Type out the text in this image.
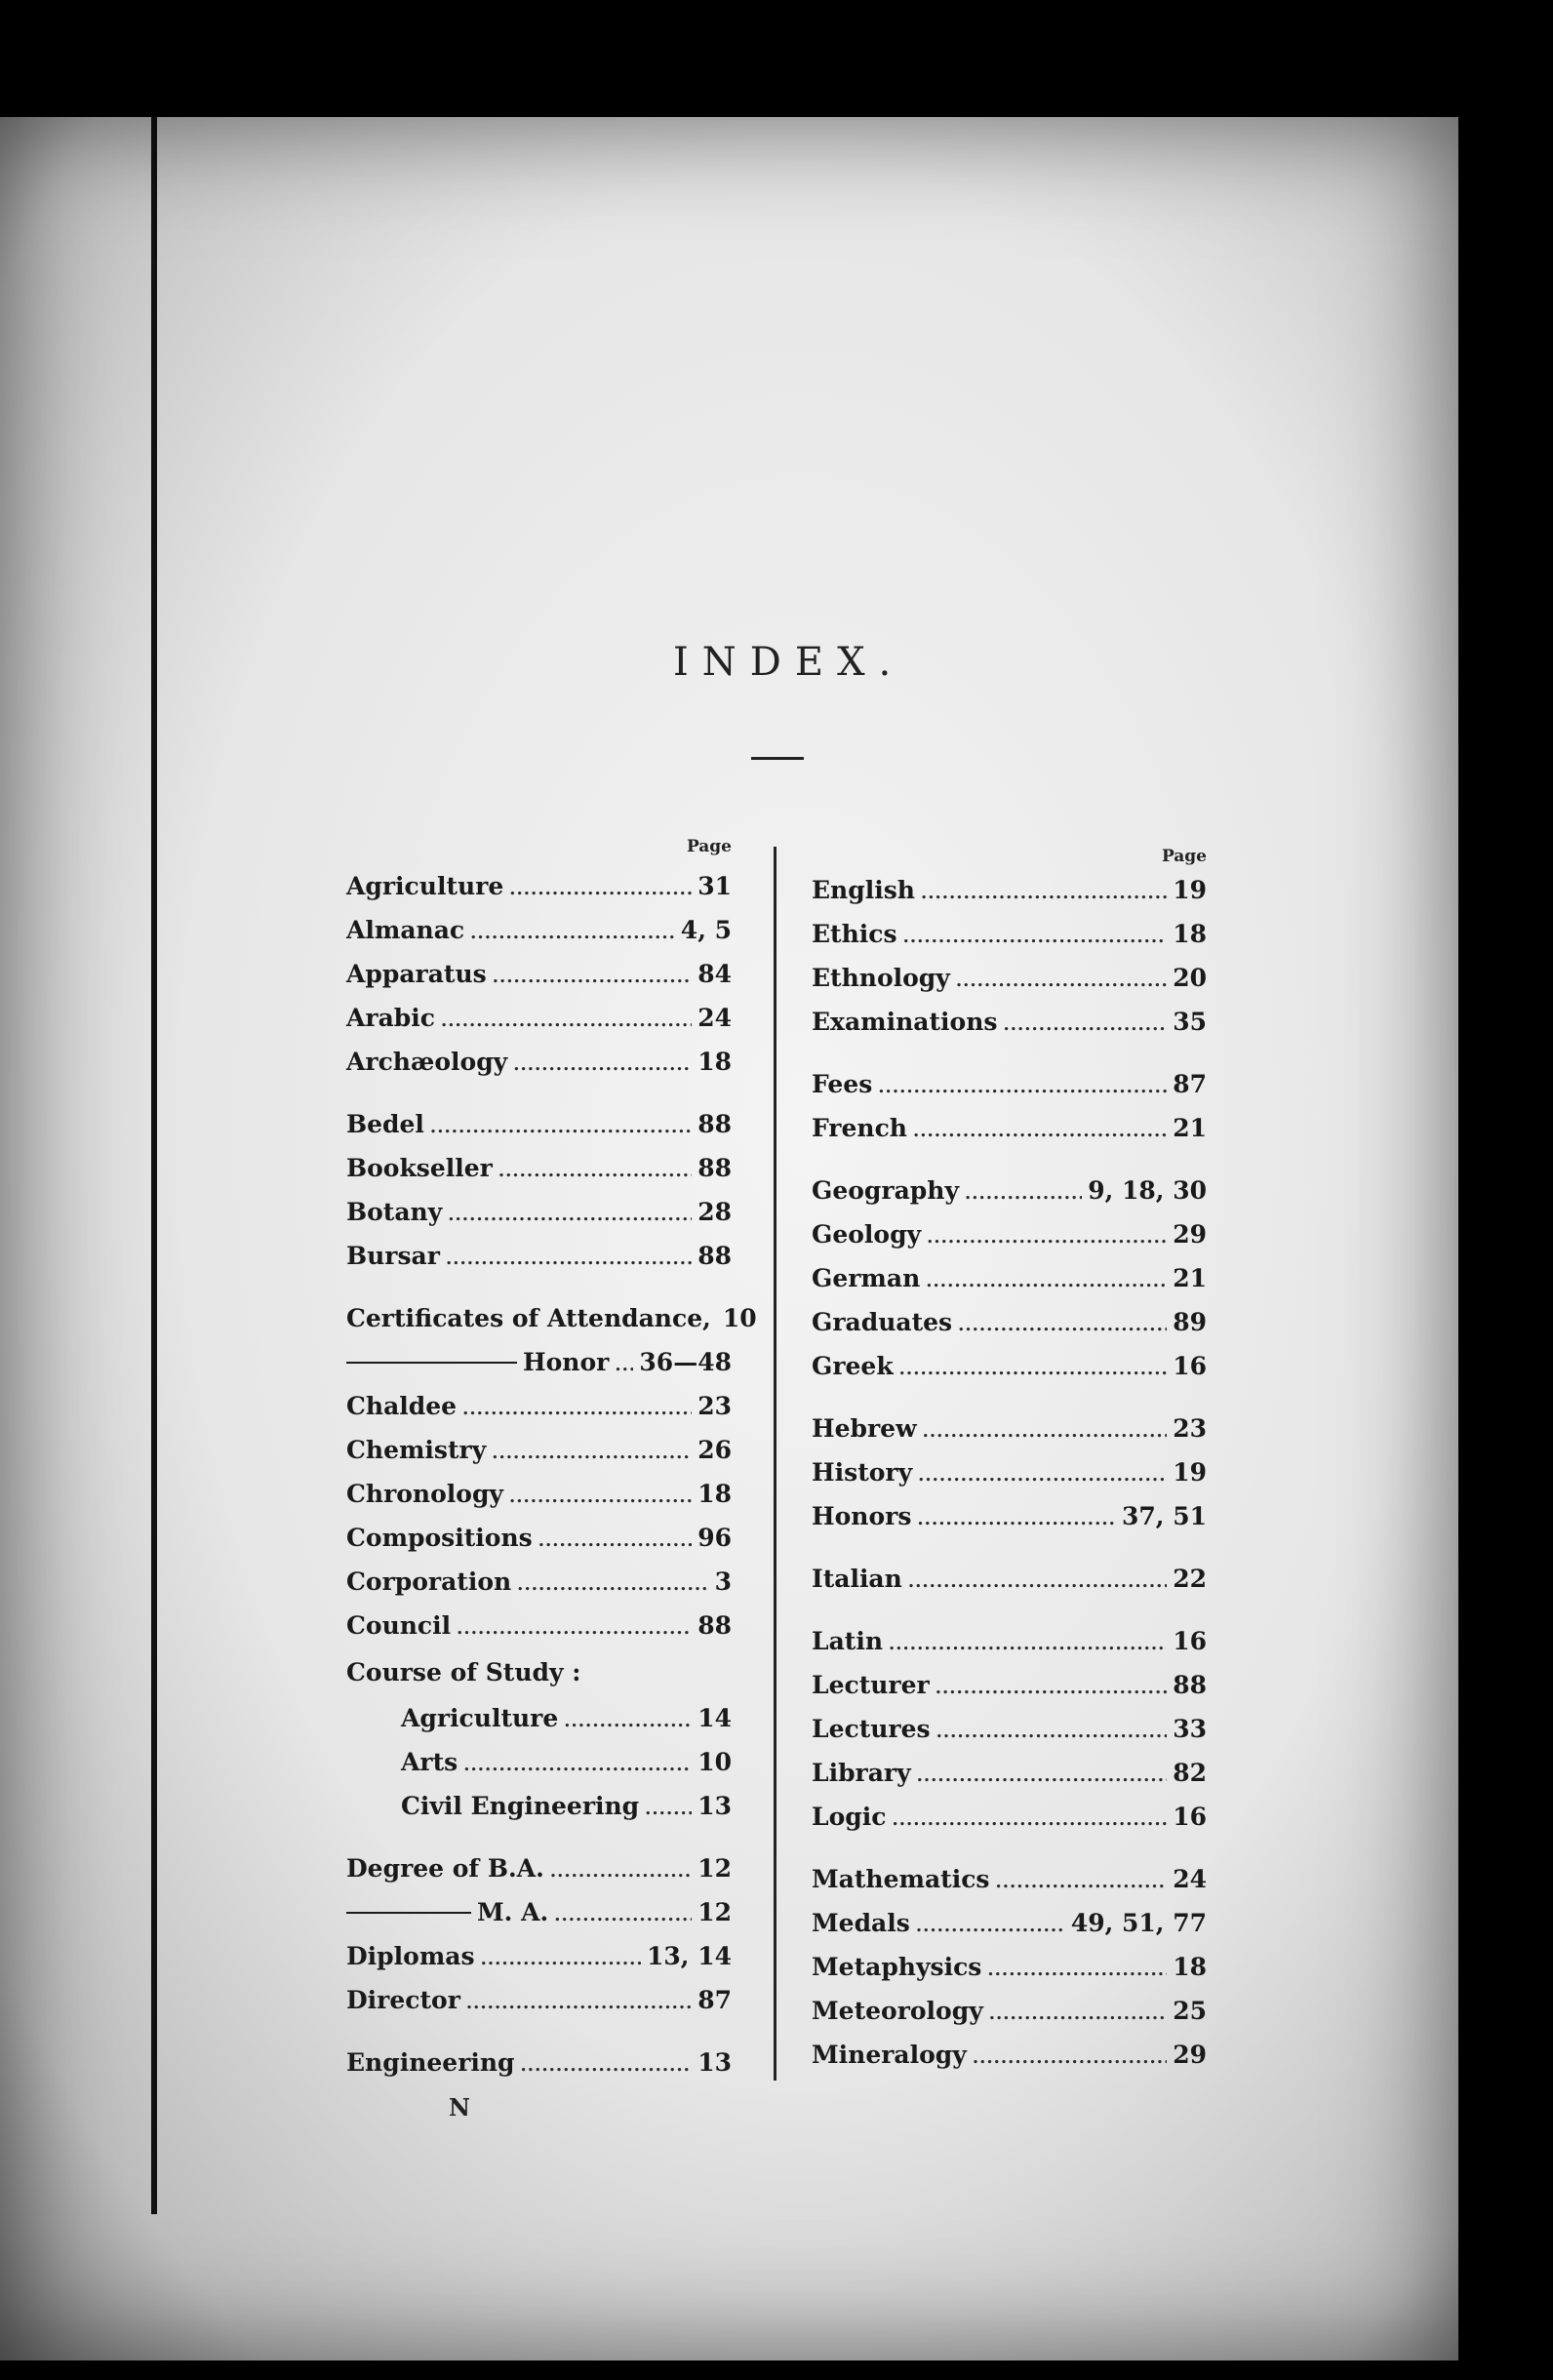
INDEX.
Page
Agriculture .....	31
Almanac .....	4, 5
Apparatus .....	84
Arabic .....	24
Archæology .....	18
Bedel .....	88
Bookseller .....	88
Botany .....	28
Bursar .....	88
Certificates of Attendance, 10
Honor ..... 36—48
Chaldee .....	23
Chemistry .....	26
Chronology .....	18
Compositions .....	96
Corporation .....	3
Council .....	88
Course of Study :
Agriculture .....	14
Arts .....	10
Civil Engineering ..... 13
Degree of B.A. .....	12
M. A. .....	12
Diplomas .....	13, 14
Director .....	87
Engineering .....	13
N
Page
English .....	19
Ethics .....	18
Ethnology .....	20
Examinations .....	35
Fees .....	87
French .....	21
Geography .....	9, 18, 30
Geology .....	29
German .....	21
Graduates .....	89
Greek .....	16
Hebrew .....	23
History .....	19
Honors .....	37, 51
Italian .....	22
Latin .....	16
Lecturer .....	88
Lectures .....	33
Library .....	82
Logic .....	16
Mathematics .....	24
Medals .....	49, 51, 77
Metaphysics .....	18
Meteorology .....	25
Mineralogy .....	29
